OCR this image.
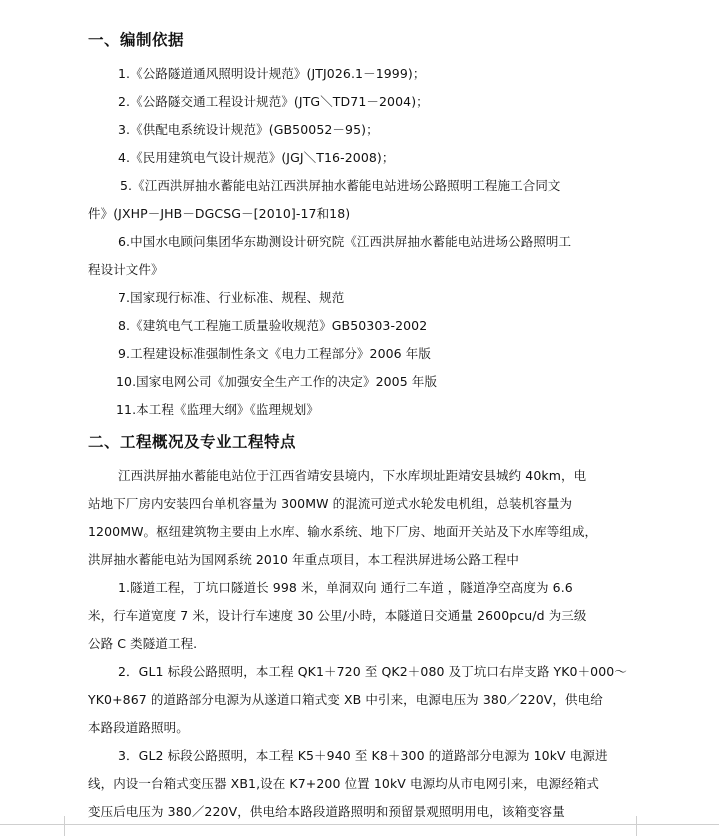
一、编制依据
1.《公路隧道通风照明设计规范》(JTJ026.1－1999)；
2.《公路隧交通工程设计规范》(JTG＼TD71－2004)；
3.《供配电系统设计规范》(GB50052－95)；
4.《民用建筑电气设计规范》(JGJ＼T16-2008)；
5.《江西洪屏抽水蓄能电站江西洪屏抽水蓄能电站进场公路照明工程施工合同文
件》(JXHP－JHB－DGCSG－[2010]-17和18)
6.中国水电顾问集团华东勘测设计研究院《江西洪屏抽水蓄能电站进场公路照明工
程设计文件》
7.国家现行标准、行业标准、规程、规范
8.《建筑电气工程施工质量验收规范》GB50303-2002
9.工程建设标准强制性条文《电力工程部分》2006 年版
10.国家电网公司《加强安全生产工作的决定》2005 年版
11.本工程《监理大纲》《监理规划》
二、工程概况及专业工程特点
江西洪屏抽水蓄能电站位于江西省靖安县境内，下水库坝址距靖安县城约 40km，电
站地下厂房内安装四台单机容量为 300MW 的混流可逆式水轮发电机组，总装机容量为
1200MW。枢纽建筑物主要由上水库、输水系统、地下厂房、地面开关站及下水库等组成，
洪屏抽水蓄能电站为国网系统 2010 年重点项目，本工程洪屏进场公路工程中
1.隧道工程，丁坑口隧道长 998 米，单洞双向 通行二车道 ，隧道净空高度为 6.6
米，行车道宽度 7 米，设计行车速度 30 公里/小時，本隧道日交通量 2600pcu/d 为三级
公路 C 类隧道工程.
2．GL1 标段公路照明，本工程 QK1＋720 至 QK2＋080 及丁坑口右岸支路 YK0＋000～
YK0+867 的道路部分电源为从遂道口箱式变 XB 中引来，电源电压为 380／220V，供电给
本路段道路照明。
3．GL2 标段公路照明，本工程 K5＋940 至 K8＋300 的道路部分电源为 10kV 电源进
线，内设一台箱式变压器 XB1,设在 K7+200 位置 10kV 电源均从市电网引来，电源经箱式
变压后电压为 380／220V，供电给本路段道路照明和预留景观照明用电，该箱变容量
